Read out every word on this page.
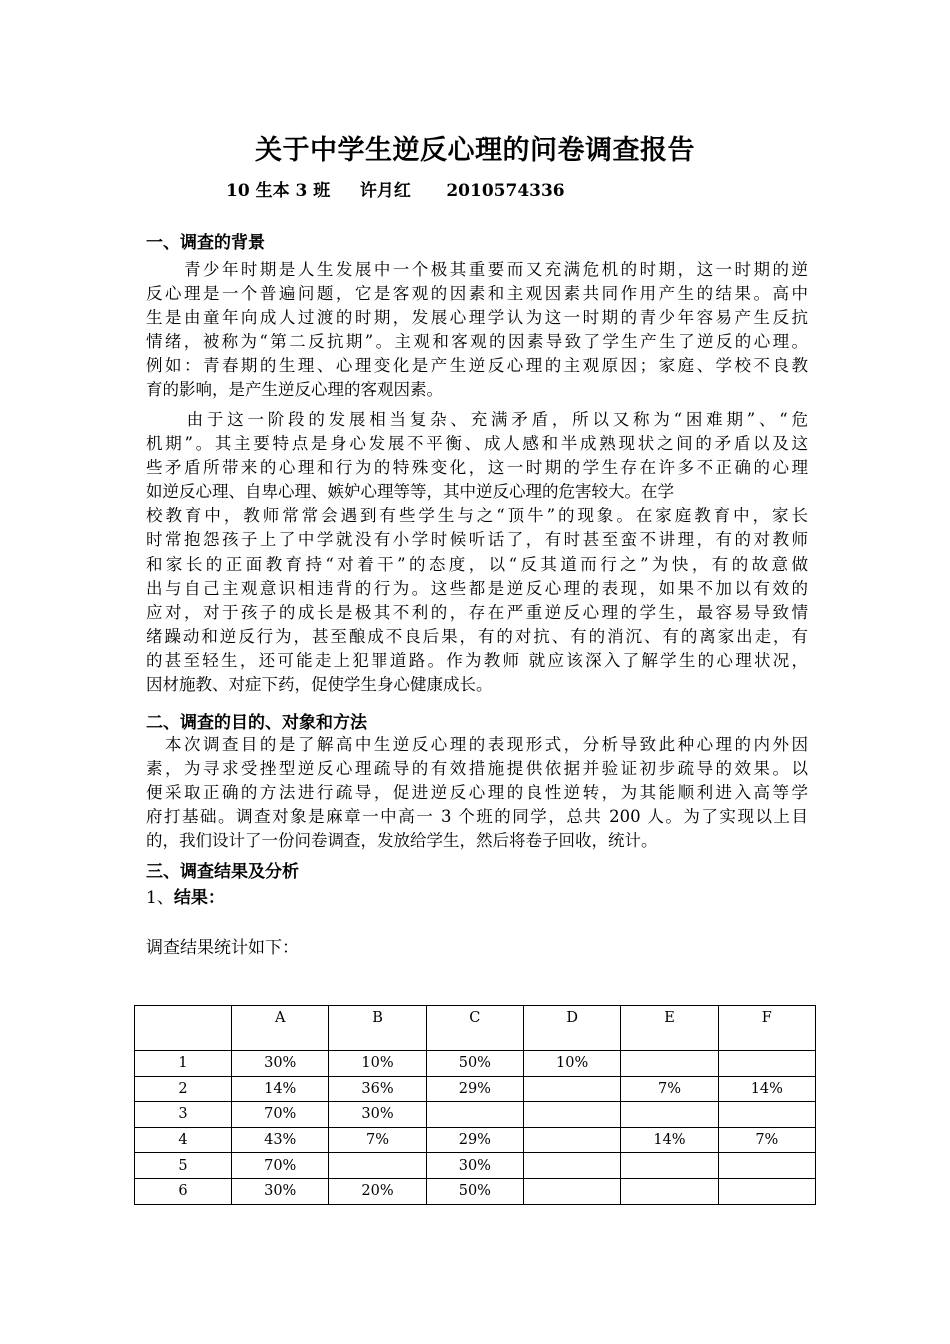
关于中学生逆反心理的问卷调查报告
10 生本 3 班     许月红      2010574336
一、调查的背景
　　青少年时期是人生发展中一个极其重要而又充满危机的时期，这一时期的逆
反心理是一个普遍问题，它是客观的因素和主观因素共同作用产生的结果。高中
生是由童年向成人过渡的时期，发展心理学认为这一时期的青少年容易产生反抗
情绪，被称为“第二反抗期”。主观和客观的因素导致了学生产生了逆反的心理。
例如：青春期的生理、心理变化是产生逆反心理的主观原因；家庭、学校不良教
育的影响，是产生逆反心理的客观因素。
　　由于这一阶段的发展相当复杂、充满矛盾，所以又称为“困难期”、“危
机期”。其主要特点是身心发展不平衡、成人感和半成熟现状之间的矛盾以及这
些矛盾所带来的心理和行为的特殊变化，这一时期的学生存在许多不正确的心理
如逆反心理、自卑心理、嫉妒心理等等，其中逆反心理的危害较大。在学
校教育中，教师常常会遇到有些学生与之“顶牛”的现象。在家庭教育中，家长
时常抱怨孩子上了中学就没有小学时候听话了，有时甚至蛮不讲理，有的对教师
和家长的正面教育持“对着干”的态度，以“反其道而行之”为快，有的故意做
出与自己主观意识相违背的行为。这些都是逆反心理的表现，如果不加以有效的
应对，对于孩子的成长是极其不利的，存在严重逆反心理的学生，最容易导致情
绪躁动和逆反行为，甚至酿成不良后果，有的对抗、有的消沉、有的离家出走，有
的甚至轻生，还可能走上犯罪道路。作为教师 就应该深入了解学生的心理状况，
因材施教、对症下药，促使学生身心健康成长。
二、调查的目的、对象和方法
　本次调查目的是了解高中生逆反心理的表现形式，分析导致此种心理的内外因
素，为寻求受挫型逆反心理疏导的有效措施提供依据并验证初步疏导的效果。以
便采取正确的方法进行疏导，促进逆反心理的良性逆转，为其能顺利进入高等学
府打基础。调查对象是麻章一中高一 3 个班的同学，总共 200 人。为了实现以上目
的，我们设计了一份问卷调查，发放给学生，然后将卷子回收，统计。
三、调查结果及分析
1、结果：
调查结果统计如下：
	A	B	C	D	E	F
1	30%	10%	50%	10%		
2	14%	36%	29%		7%	14%
3	70%	30%				
4	43%	7%	29%		14%	7%
5	70%		30%			
6	30%	20%	50%			
